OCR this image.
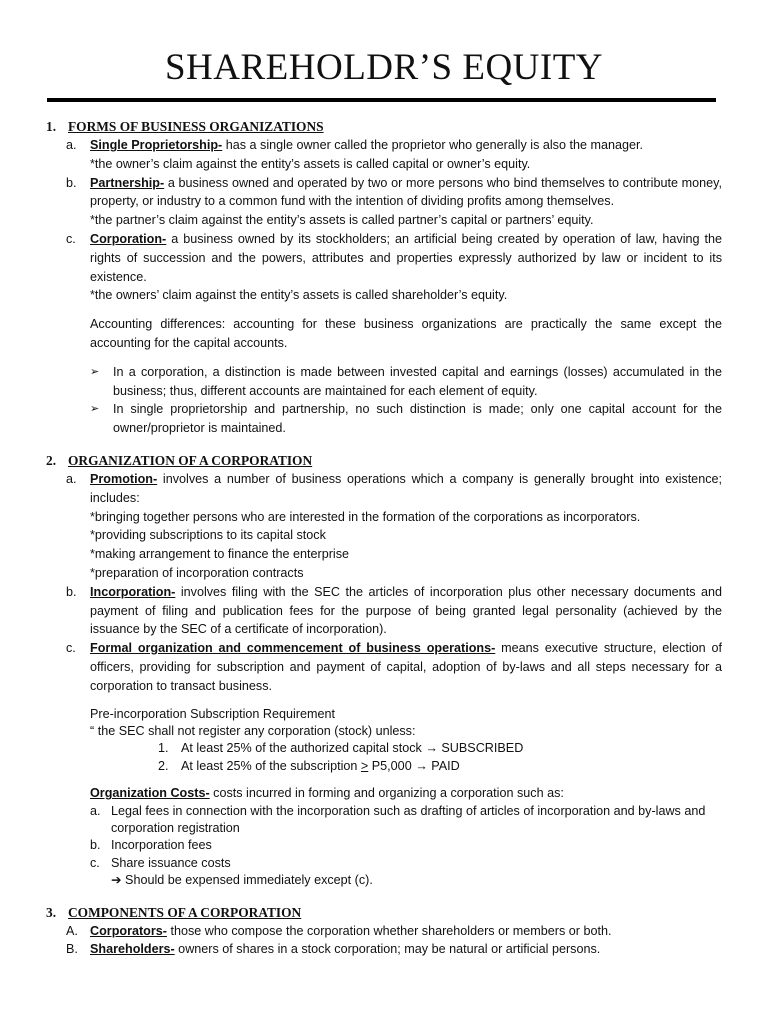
SHAREHOLDR’S EQUITY
1. FORMS OF BUSINESS ORGANIZATIONS
a. Single Proprietorship- has a single owner called the proprietor who generally is also the manager.
*the owner’s claim against the entity’s assets is called capital or owner’s equity.
b. Partnership- a business owned and operated by two or more persons who bind themselves to contribute money, property, or industry to a common fund with the intention of dividing profits among themselves.
*the partner’s claim against the entity’s assets is called partner’s capital or partners’ equity.
c. Corporation- a business owned by its stockholders; an artificial being created by operation of law, having the rights of succession and the powers, attributes and properties expressly authorized by law or incident to its existence.
*the owners’ claim against the entity’s assets is called shareholder’s equity.
Accounting differences: accounting for these business organizations are practically the same except the accounting for the capital accounts.
➢ In a corporation, a distinction is made between invested capital and earnings (losses) accumulated in the business; thus, different accounts are maintained for each element of equity.
➢ In single proprietorship and partnership, no such distinction is made; only one capital account for the owner/proprietor is maintained.
2. ORGANIZATION OF A CORPORATION
a. Promotion- involves a number of business operations which a company is generally brought into existence; includes:
*bringing together persons who are interested in the formation of the corporations as incorporators.
*providing subscriptions to its capital stock
*making arrangement to finance the enterprise
*preparation of incorporation contracts
b. Incorporation- involves filing with the SEC the articles of incorporation plus other necessary documents and payment of filing and publication fees for the purpose of being granted legal personality (achieved by the issuance by the SEC of a certificate of incorporation).
c. Formal organization and commencement of business operations- means executive structure, election of officers, providing for subscription and payment of capital, adoption of by-laws and all steps necessary for a corporation to transact business.
Pre-incorporation Subscription Requirement
“ the SEC shall not register any corporation (stock) unless:
1. At least 25% of the authorized capital stock → SUBSCRIBED
2. At least 25% of the subscription > P5,000 → PAID
Organization Costs- costs incurred in forming and organizing a corporation such as:
a. Legal fees in connection with the incorporation such as drafting of articles of incorporation and by-laws and corporation registration
b. Incorporation fees
c. Share issuance costs
➔ Should be expensed immediately except (c).
3. COMPONENTS OF A CORPORATION
A. Corporators- those who compose the corporation whether shareholders or members or both.
B. Shareholders- owners of shares in a stock corporation; may be natural or artificial persons.
